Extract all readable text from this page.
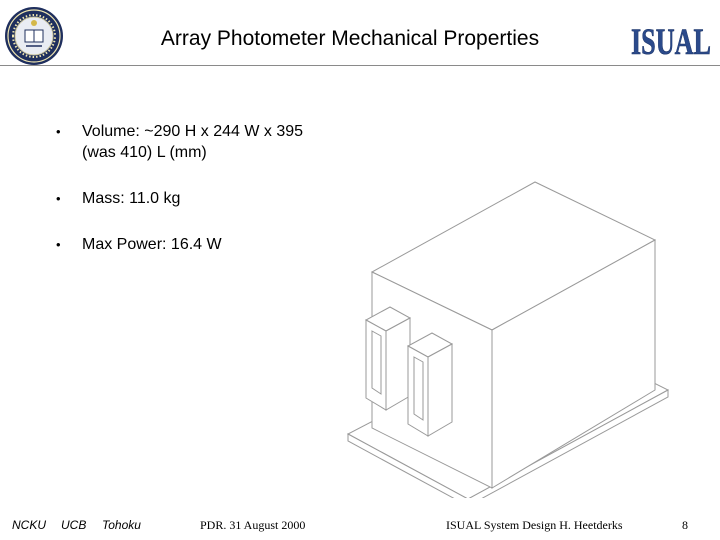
Array Photometer Mechanical Properties	ISUAL
•	Volume: ~290 H x 244 W x 395 (was 410) L (mm)
•	Mass: 11.0 kg
•	Max Power: 16.4 W
NCKU UCB Tohoku	PDR. 31 August 2000	ISUAL System Design H. Heetderks	8
